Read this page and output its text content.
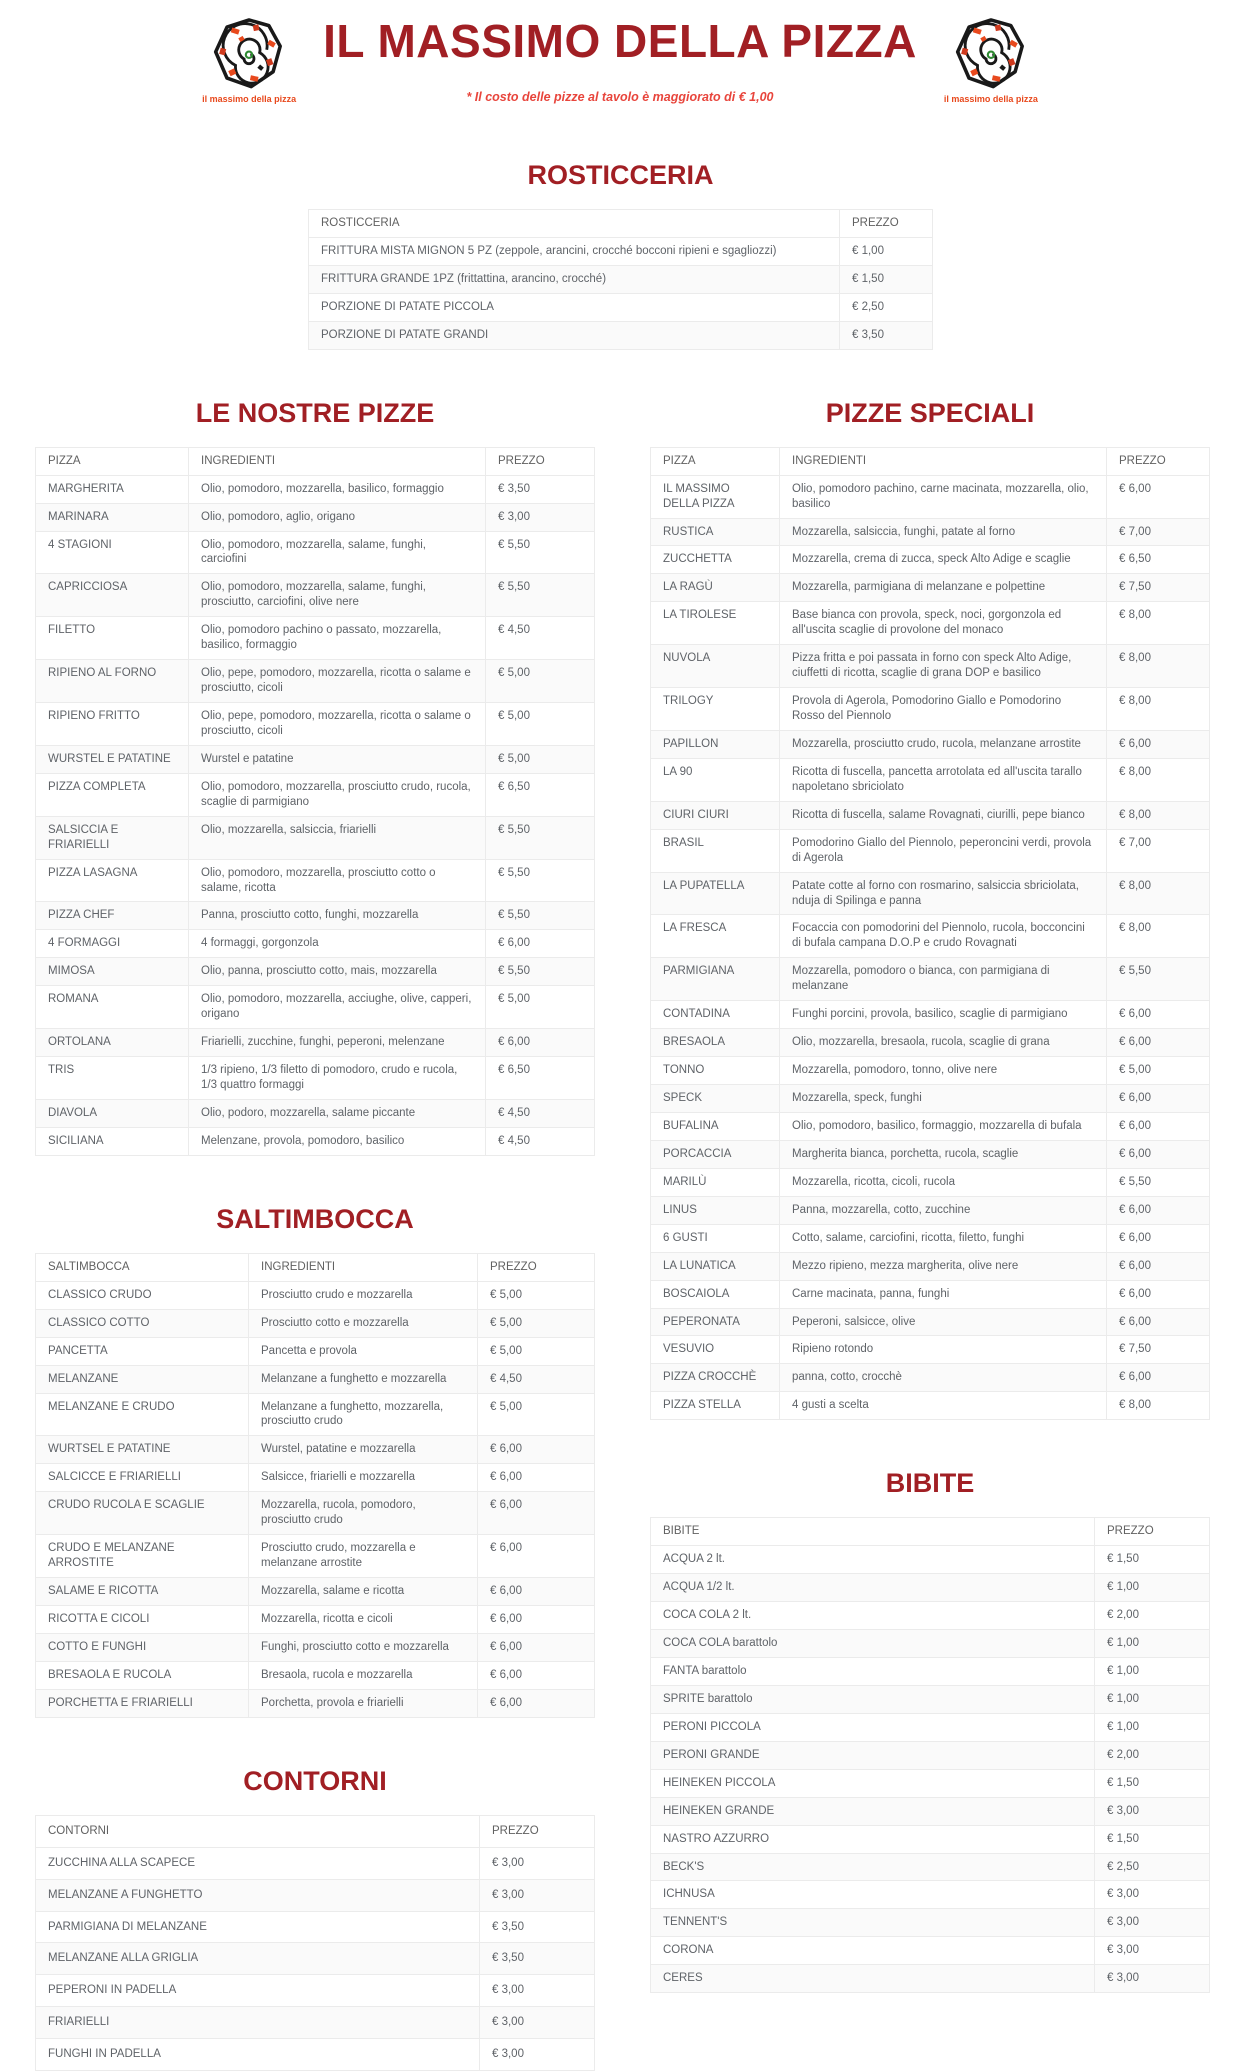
il massimo della pizza
IL MASSIMO DELLA PIZZA
* Il costo delle pizze al tavolo è maggiorato di € 1,00	il massimo della pizza
ROSTICCERIA
ROSTICCERIA	PREZZO
FRITTURA MISTA MIGNON 5 PZ (zeppole, arancini, crocché bocconi ripieni e sgagliozzi)	€ 1,00
FRITTURA GRANDE 1PZ (frittattina, arancino, crocché)	€ 1,50
PORZIONE DI PATATE PICCOLA	€ 2,50
PORZIONE DI PATATE GRANDI	€ 3,50
LE NOSTRE PIZZE
PIZZA	INGREDIENTI	PREZZO
MARGHERITA	Olio, pomodoro, mozzarella, basilico, formaggio	€ 3,50
MARINARA	Olio, pomodoro, aglio, origano	€ 3,00
4 STAGIONI	Olio, pomodoro, mozzarella, salame, funghi, carciofini	€ 5,50
CAPRICCIOSA	Olio, pomodoro, mozzarella, salame, funghi, prosciutto, carciofini, olive nere	€ 5,50
FILETTO	Olio, pomodoro pachino o passato, mozzarella, basilico, formaggio	€ 4,50
RIPIENO AL FORNO	Olio, pepe, pomodoro, mozzarella, ricotta o salame e prosciutto, cicoli	€ 5,00
RIPIENO FRITTO	Olio, pepe, pomodoro, mozzarella, ricotta o salame o prosciutto, cicoli	€ 5,00
WURSTEL E PATATINE	Wurstel e patatine	€ 5,00
PIZZA COMPLETA	Olio, pomodoro, mozzarella, prosciutto crudo, rucola, scaglie di parmigiano	€ 6,50
SALSICCIA E FRIARIELLI	Olio, mozzarella, salsiccia, friarielli	€ 5,50
PIZZA LASAGNA	Olio, pomodoro, mozzarella, prosciutto cotto o salame, ricotta	€ 5,50
PIZZA CHEF	Panna, prosciutto cotto, funghi, mozzarella	€ 5,50
4 FORMAGGI	4 formaggi, gorgonzola	€ 6,00
MIMOSA	Olio, panna, prosciutto cotto, mais, mozzarella	€ 5,50
ROMANA	Olio, pomodoro, mozzarella, acciughe, olive, capperi, origano	€ 5,00
ORTOLANA	Friarielli, zucchine, funghi, peperoni, melenzane	€ 6,00
TRIS	1/3 ripieno, 1/3 filetto di pomodoro, crudo e rucola, 1/3 quattro formaggi	€ 6,50
DIAVOLA	Olio, podoro, mozzarella, salame piccante	€ 4,50
SICILIANA	Melenzane, provola, pomodoro, basilico	€ 4,50
SALTIMBOCCA
SALTIMBOCCA	INGREDIENTI	PREZZO
CLASSICO CRUDO	Prosciutto crudo e mozzarella	€ 5,00
CLASSICO COTTO	Prosciutto cotto e mozzarella	€ 5,00
PANCETTA	Pancetta e provola	€ 5,00
MELANZANE	Melanzane a funghetto e mozzarella	€ 4,50
MELANZANE E CRUDO	Melanzane a funghetto, mozzarella, prosciutto crudo	€ 5,00
WURTSEL E PATATINE	Wurstel, patatine e mozzarella	€ 6,00
SALCICCE E FRIARIELLI	Salsicce, friarielli e mozzarella	€ 6,00
CRUDO RUCOLA E SCAGLIE	Mozzarella, rucola, pomodoro, prosciutto crudo	€ 6,00
CRUDO E MELANZANE ARROSTITE	Prosciutto crudo, mozzarella e melanzane arrostite	€ 6,00
SALAME E RICOTTA	Mozzarella, salame e ricotta	€ 6,00
RICOTTA E CICOLI	Mozzarella, ricotta e cicoli	€ 6,00
COTTO E FUNGHI	Funghi, prosciutto cotto e mozzarella	€ 6,00
BRESAOLA E RUCOLA	Bresaola, rucola e mozzarella	€ 6,00
PORCHETTA E FRIARIELLI	Porchetta, provola e friarielli	€ 6,00
CONTORNI
CONTORNI	PREZZO
ZUCCHINA ALLA SCAPECE	€ 3,00
MELANZANE A FUNGHETTO	€ 3,00
PARMIGIANA DI MELANZANE	€ 3,50
MELANZANE ALLA GRIGLIA	€ 3,50
PEPERONI IN PADELLA	€ 3,00
FRIARIELLI	€ 3,00
FUNGHI IN PADELLA	€ 3,00
PIZZE SPECIALI
PIZZA	INGREDIENTI	PREZZO
IL MASSIMO DELLA PIZZA	Olio, pomodoro pachino, carne macinata, mozzarella, olio, basilico	€ 6,00
RUSTICA	Mozzarella, salsiccia, funghi, patate al forno	€ 7,00
ZUCCHETTA	Mozzarella, crema di zucca, speck Alto Adige e scaglie	€ 6,50
LA RAGÙ	Mozzarella, parmigiana di melanzane e polpettine	€ 7,50
LA TIROLESE	Base bianca con provola, speck, noci, gorgonzola ed all'uscita scaglie di provolone del monaco	€ 8,00
NUVOLA	Pizza fritta e poi passata in forno con speck Alto Adige, ciuffetti di ricotta, scaglie di grana DOP e basilico	€ 8,00
TRILOGY	Provola di Agerola, Pomodorino Giallo e Pomodorino Rosso del Piennolo	€ 8,00
PAPILLON	Mozzarella, prosciutto crudo, rucola, melanzane arrostite	€ 6,00
LA 90	Ricotta di fuscella, pancetta arrotolata ed all'uscita tarallo napoletano sbriciolato	€ 8,00
CIURI CIURI	Ricotta di fuscella, salame Rovagnati, ciurilli, pepe bianco	€ 8,00
BRASIL	Pomodorino Giallo del Piennolo, peperoncini verdi, provola di Agerola	€ 7,00
LA PUPATELLA	Patate cotte al forno con rosmarino, salsiccia sbriciolata, nduja di Spilinga e panna	€ 8,00
LA FRESCA	Focaccia con pomodorini del Piennolo, rucola, bocconcini di bufala campana D.O.P e crudo Rovagnati	€ 8,00
PARMIGIANA	Mozzarella, pomodoro o bianca, con parmigiana di melanzane	€ 5,50
CONTADINA	Funghi porcini, provola, basilico, scaglie di parmigiano	€ 6,00
BRESAOLA	Olio, mozzarella, bresaola, rucola, scaglie di grana	€ 6,00
TONNO	Mozzarella, pomodoro, tonno, olive nere	€ 5,00
SPECK	Mozzarella, speck, funghi	€ 6,00
BUFALINA	Olio, pomodoro, basilico, formaggio, mozzarella di bufala	€ 6,00
PORCACCIA	Margherita bianca, porchetta, rucola, scaglie	€ 6,00
MARILÙ	Mozzarella, ricotta, cicoli, rucola	€ 5,50
LINUS	Panna, mozzarella, cotto, zucchine	€ 6,00
6 GUSTI	Cotto, salame, carciofini, ricotta, filetto, funghi	€ 6,00
LA LUNATICA	Mezzo ripieno, mezza margherita, olive nere	€ 6,00
BOSCAIOLA	Carne macinata, panna, funghi	€ 6,00
PEPERONATA	Peperoni, salsicce, olive	€ 6,00
VESUVIO	Ripieno rotondo	€ 7,50
PIZZA CROCCHÈ	panna, cotto, crocchè	€ 6,00
PIZZA STELLA	4 gusti a scelta	€ 8,00
BIBITE
BIBITE	PREZZO
ACQUA 2 lt.	€ 1,50
ACQUA 1/2 lt.	€ 1,00
COCA COLA 2 lt.	€ 2,00
COCA COLA barattolo	€ 1,00
FANTA barattolo	€ 1,00
SPRITE barattolo	€ 1,00
PERONI PICCOLA	€ 1,00
PERONI GRANDE	€ 2,00
HEINEKEN PICCOLA	€ 1,50
HEINEKEN GRANDE	€ 3,00
NASTRO AZZURRO	€ 1,50
BECK'S	€ 2,50
ICHNUSA	€ 3,00
TENNENT'S	€ 3,00
CORONA	€ 3,00
CERES	€ 3,00
